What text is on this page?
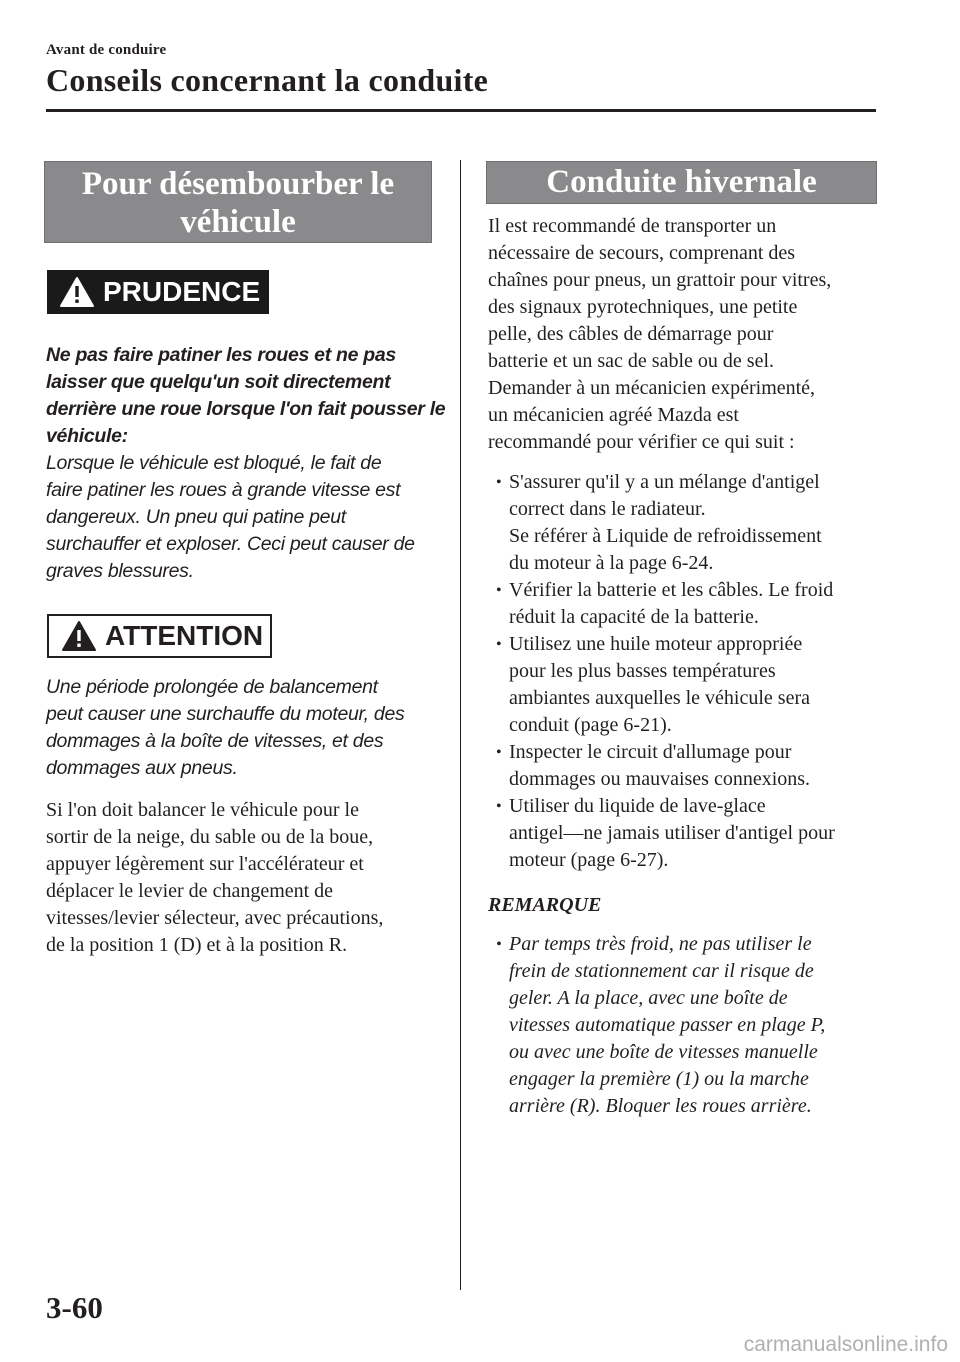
Avant de conduire
Conseils concernant la conduite
Pour désembourber le
véhicule
PRUDENCE
Ne pas faire patiner les roues et ne pas
laisser que quelqu'un soit directement
derrière une roue lorsque l'on fait pousser le
véhicule:
Lorsque le véhicule est bloqué, le fait de
faire patiner les roues à grande vitesse est
dangereux. Un pneu qui patine peut
surchauffer et exploser. Ceci peut causer de
graves blessures.
ATTENTION
Une période prolongée de balancement
peut causer une surchauffe du moteur, des
dommages à la boîte de vitesses, et des
dommages aux pneus.
Si l'on doit balancer le véhicule pour le
sortir de la neige, du sable ou de la boue,
appuyer légèrement sur l'accélérateur et
déplacer le levier de changement de
vitesses/levier sélecteur, avec précautions,
de la position 1 (D) et à la position R.
Conduite hivernale
Il est recommandé de transporter un
nécessaire de secours, comprenant des
chaînes pour pneus, un grattoir pour vitres,
des signaux pyrotechniques, une petite
pelle, des câbles de démarrage pour
batterie et un sac de sable ou de sel.
Demander à un mécanicien expérimenté,
un mécanicien agréé Mazda est
recommandé pour vérifier ce qui suit :
• S'assurer qu'il y a un mélange d'antigel
correct dans le radiateur.
Se référer à Liquide de refroidissement
du moteur à la page 6-24.
• Vérifier la batterie et les câbles. Le froid
réduit la capacité de la batterie.
• Utilisez une huile moteur appropriée
pour les plus basses températures
ambiantes auxquelles le véhicule sera
conduit (page 6-21).
• Inspecter le circuit d'allumage pour
dommages ou mauvaises connexions.
• Utiliser du liquide de lave-glace
antigel—ne jamais utiliser d'antigel pour
moteur (page 6-27).
REMARQUE
• Par temps très froid, ne pas utiliser le
frein de stationnement car il risque de
geler. A la place, avec une boîte de
vitesses automatique passer en plage P,
ou avec une boîte de vitesses manuelle
engager la première (1) ou la marche
arrière (R). Bloquer les roues arrière.
3-60
carmanualsonline.info
